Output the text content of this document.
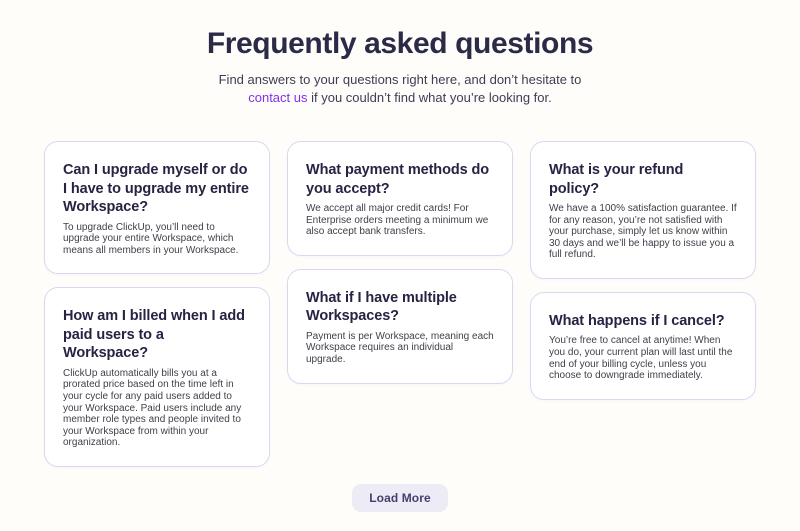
Frequently asked questions

Find answers to your questions right here, and don’t hesitate to
contact us if you couldn’t find what you’re looking for.

Can I upgrade myself or do I have to upgrade my entire Workspace?

To upgrade ClickUp, you’ll need to upgrade your entire Workspace, which means all members in your Workspace.

How am I billed when I add paid users to a Workspace?

ClickUp automatically bills you at a prorated price based on the time left in your cycle for any paid users added to your Workspace. Paid users include any member role types and people invited to your Workspace from within your organization.

What payment methods do you accept?

We accept all major credit cards! For Enterprise orders meeting a minimum we also accept bank transfers.

What if I have multiple Workspaces?

Payment is per Workspace, meaning each Workspace requires an individual upgrade.

What is your refund policy?

We have a 100% satisfaction guarantee. If for any reason, you’re not satisfied with your purchase, simply let us know within 30 days and we’ll be happy to issue you a full refund.

What happens if I cancel?

You’re free to cancel at anytime! When you do, your current plan will last until the end of your billing cycle, unless you choose to downgrade immediately.

Load More
